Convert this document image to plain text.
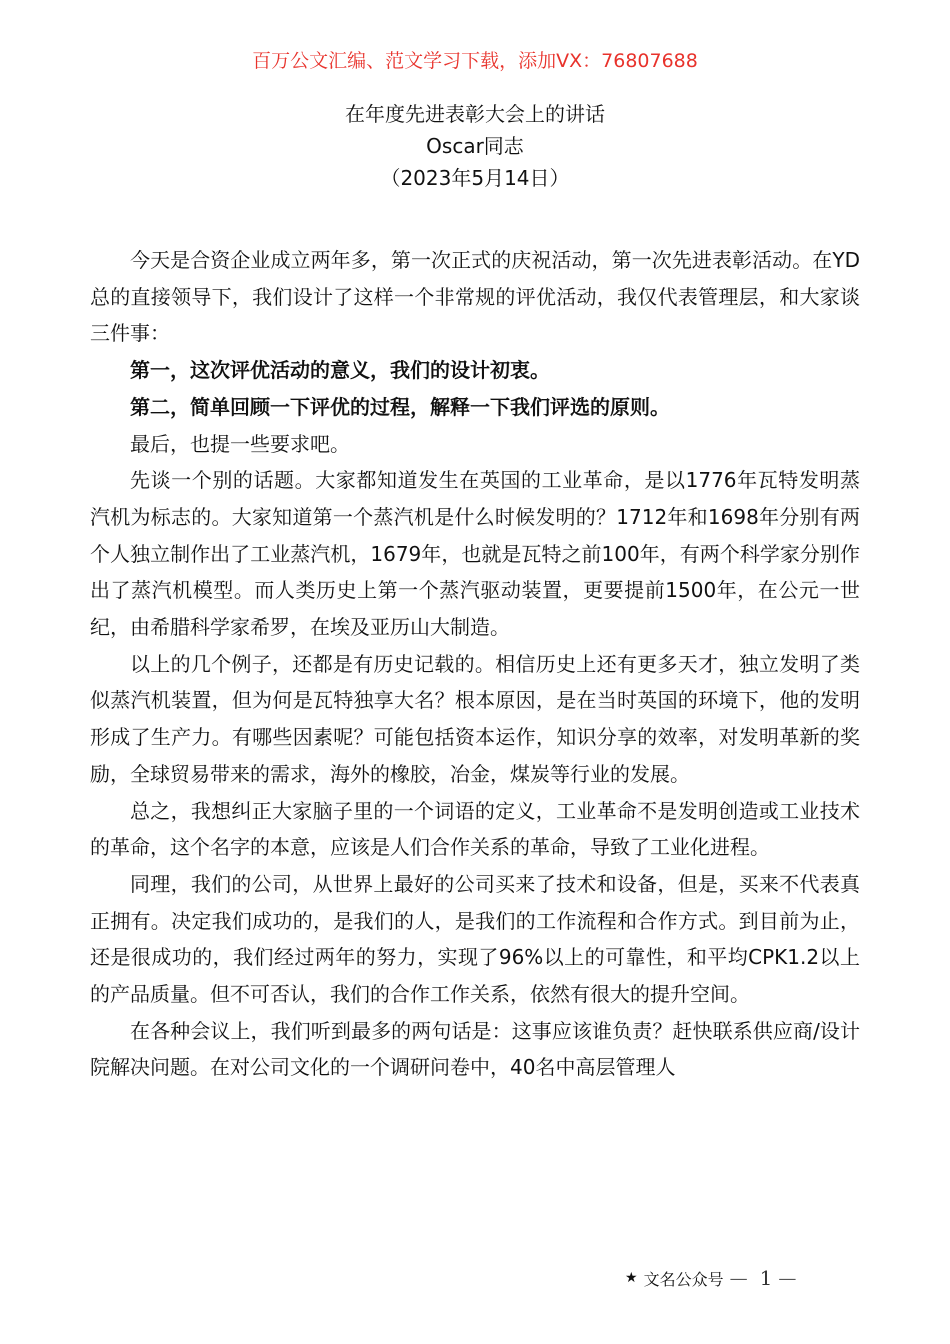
百万公文汇编、范文学习下载，添加VX：76807688
在年度先进表彰大会上的讲话
Oscar同志
（2023年5月14日）

今天是合资企业成立两年多，第一次正式的庆祝活动，第一次先进表彰活动。在YD总的直接领导下，我们设计了这样一个非常规的评优活动，我仅代表管理层，和大家谈三件事：

第一，这次评优活动的意义，我们的设计初衷。

第二，简单回顾一下评优的过程，解释一下我们评选的原则。

最后，也提一些要求吧。

先谈一个别的话题。大家都知道发生在英国的工业革命，是以1776年瓦特发明蒸汽机为标志的。大家知道第一个蒸汽机是什么时候发明的？1712年和1698年分别有两个人独立制作出了工业蒸汽机，1679年，也就是瓦特之前100年，有两个科学家分别作出了蒸汽机模型。而人类历史上第一个蒸汽驱动装置，更要提前1500年，在公元一世纪，由希腊科学家希罗，在埃及亚历山大制造。

以上的几个例子，还都是有历史记载的。相信历史上还有更多天才，独立发明了类似蒸汽机装置，但为何是瓦特独享大名？根本原因，是在当时英国的环境下，他的发明形成了生产力。有哪些因素呢？可能包括资本运作，知识分享的效率，对发明革新的奖励，全球贸易带来的需求，海外的橡胶，冶金，煤炭等行业的发展。

总之，我想纠正大家脑子里的一个词语的定义，工业革命不是发明创造或工业技术的革命，这个名字的本意，应该是人们合作关系的革命，导致了工业化进程。

同理，我们的公司，从世界上最好的公司买来了技术和设备，但是，买来不代表真正拥有。决定我们成功的，是我们的人，是我们的工作流程和合作方式。到目前为止，还是很成功的，我们经过两年的努力，实现了96%以上的可靠性，和平均CPK1.2以上的产品质量。但不可否认，我们的合作工作关系，依然有很大的提升空间。

在各种会议上，我们听到最多的两句话是：这事应该谁负责？赶快联系供应商/设计院解决问题。在对公司文化的一个调研问卷中，40名中高层管理人

★ 文名公众号 — 1 —
